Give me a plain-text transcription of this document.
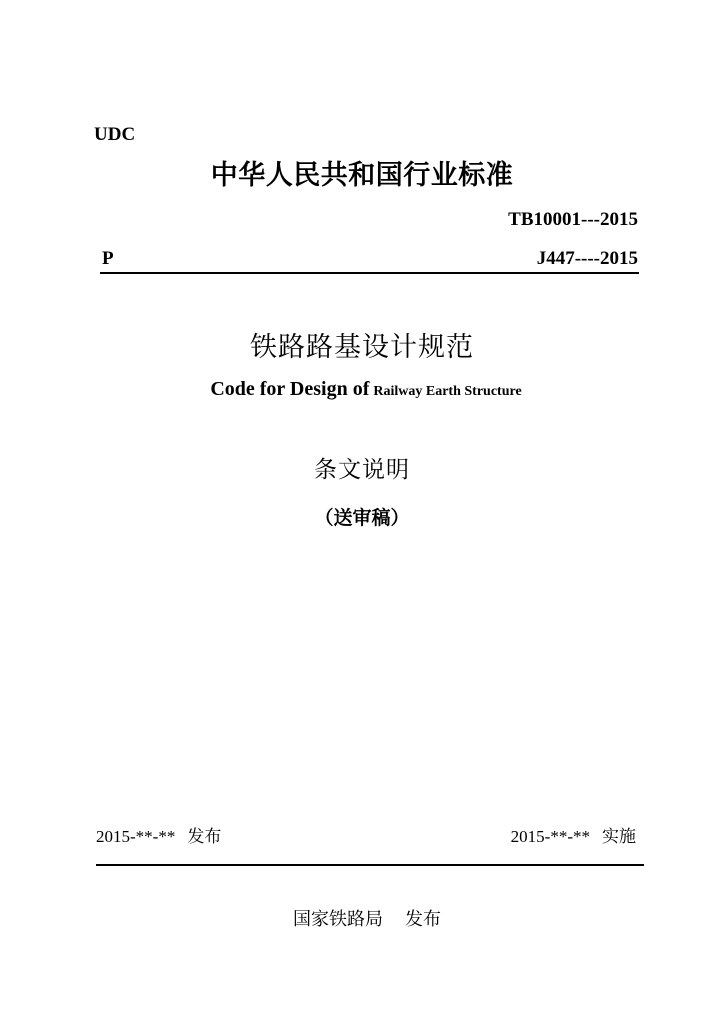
UDC
中华人民共和国行业标准
TB10001---2015
P	J447----2015
铁路路基设计规范
Code for Design of Railway Earth Structure
条文说明
（送审稿）
2015-**-** 发布	2015-**-** 实施
国家铁路局 发布
